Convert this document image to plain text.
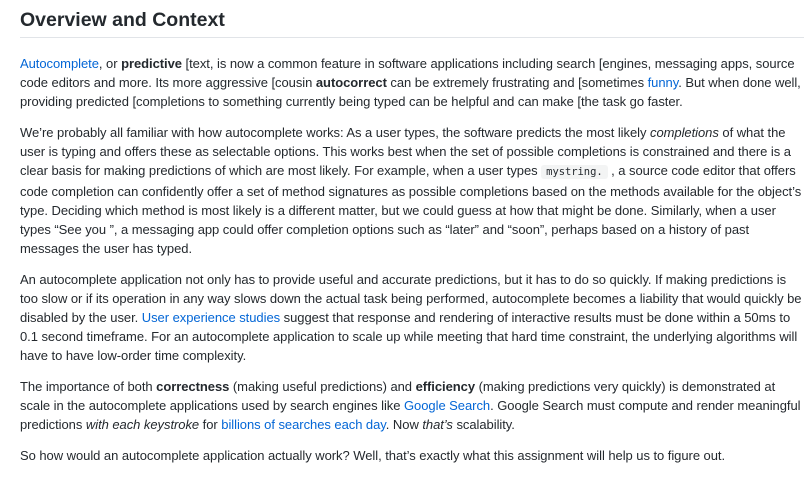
Overview and Context

Autocomplete, or predictive [text, is now a common feature in software applications including search [engines, messaging apps, source code editors and more. Its more aggressive [cousin autocorrect can be extremely frustrating and [sometimes funny. But when done well, providing predicted [completions to something currently being typed can be helpful and can make [the task go faster.

We’re probably all familiar with how autocomplete works: As a user types, the software predicts the most likely completions of what the user is typing and offers these as selectable options. This works best when the set of possible completions is constrained and there is a clear basis for making predictions of which are most likely. For example, when a user types mystring. , a source code editor that offers code completion can confidently offer a set of method signatures as possible completions based on the methods available for the object’s type. Deciding which method is most likely is a different matter, but we could guess at how that might be done. Similarly, when a user types “See you ”, a messaging app could offer completion options such as “later” and “soon”, perhaps based on a history of past messages the user has typed.

An autocomplete application not only has to provide useful and accurate predictions, but it has to do so quickly. If making predictions is too slow or if its operation in any way slows down the actual task being performed, autocomplete becomes a liability that would quickly be disabled by the user. User experience studies suggest that response and rendering of interactive results must be done within a 50ms to 0.1 second timeframe. For an autocomplete application to scale up while meeting that hard time constraint, the underlying algorithms will have to have low-order time complexity.

The importance of both correctness (making useful predictions) and efficiency (making predictions very quickly) is demonstrated at scale in the autocomplete applications used by search engines like Google Search. Google Search must compute and render meaningful predictions with each keystroke for billions of searches each day. Now that’s scalability.

So how would an autocomplete application actually work? Well, that’s exactly what this assignment will help us to figure out.
